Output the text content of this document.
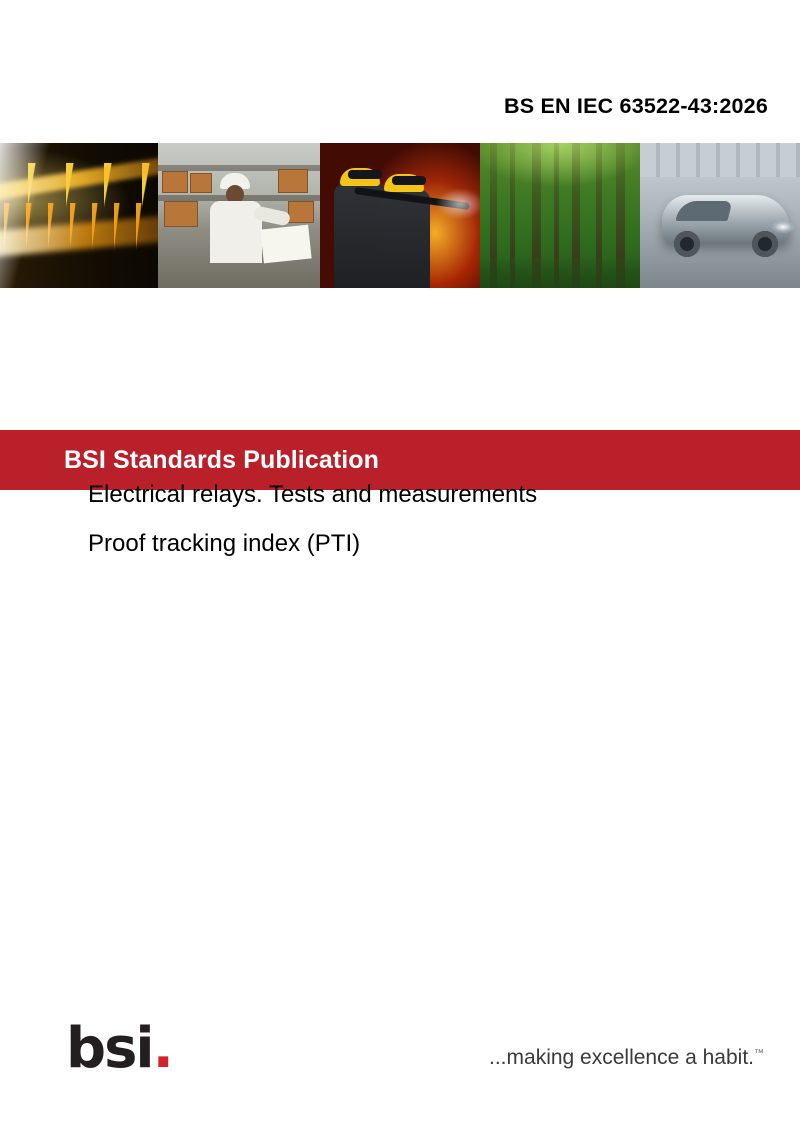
BS EN IEC 63522-43:2026
BSI Standards Publication
Electrical relays. Tests and measurements
Proof tracking index (PTI)
bsi.	...making excellence a habit.™
